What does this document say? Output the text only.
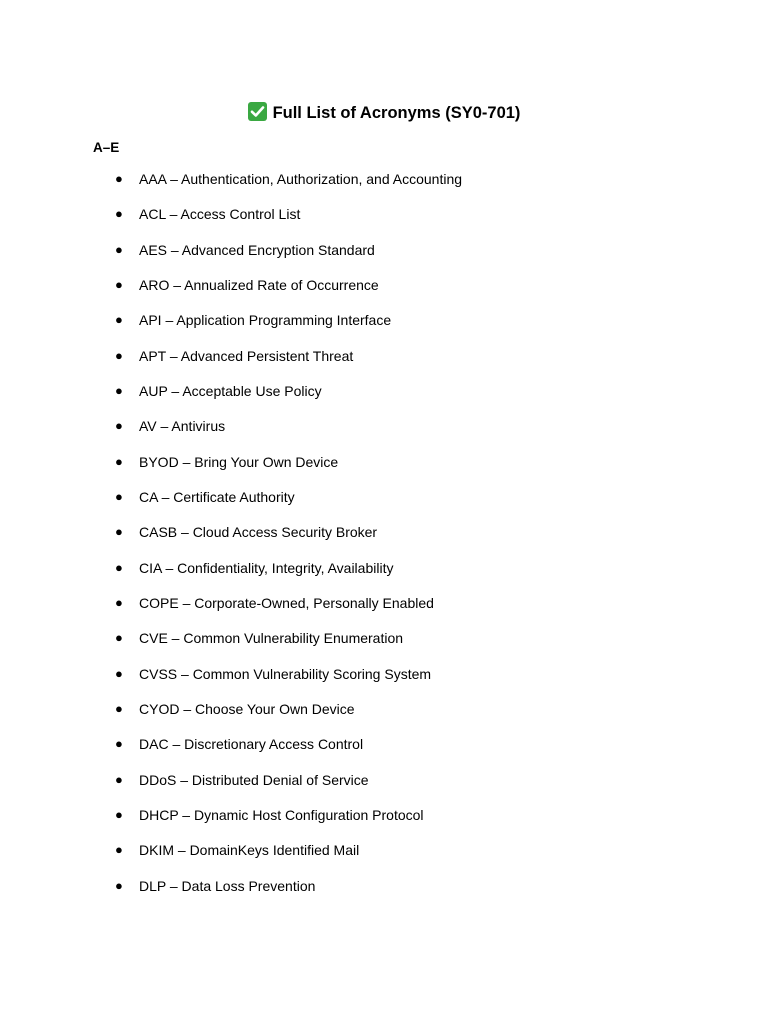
Full List of Acronyms (SY0-701)
A–E
● AAA – Authentication, Authorization, and Accounting
● ACL – Access Control List
● AES – Advanced Encryption Standard
● ARO – Annualized Rate of Occurrence
● API – Application Programming Interface
● APT – Advanced Persistent Threat
● AUP – Acceptable Use Policy
● AV – Antivirus
● BYOD – Bring Your Own Device
● CA – Certificate Authority
● CASB – Cloud Access Security Broker
● CIA – Confidentiality, Integrity, Availability
● COPE – Corporate-Owned, Personally Enabled
● CVE – Common Vulnerability Enumeration
● CVSS – Common Vulnerability Scoring System
● CYOD – Choose Your Own Device
● DAC – Discretionary Access Control
● DDoS – Distributed Denial of Service
● DHCP – Dynamic Host Configuration Protocol
● DKIM – DomainKeys Identified Mail
● DLP – Data Loss Prevention
